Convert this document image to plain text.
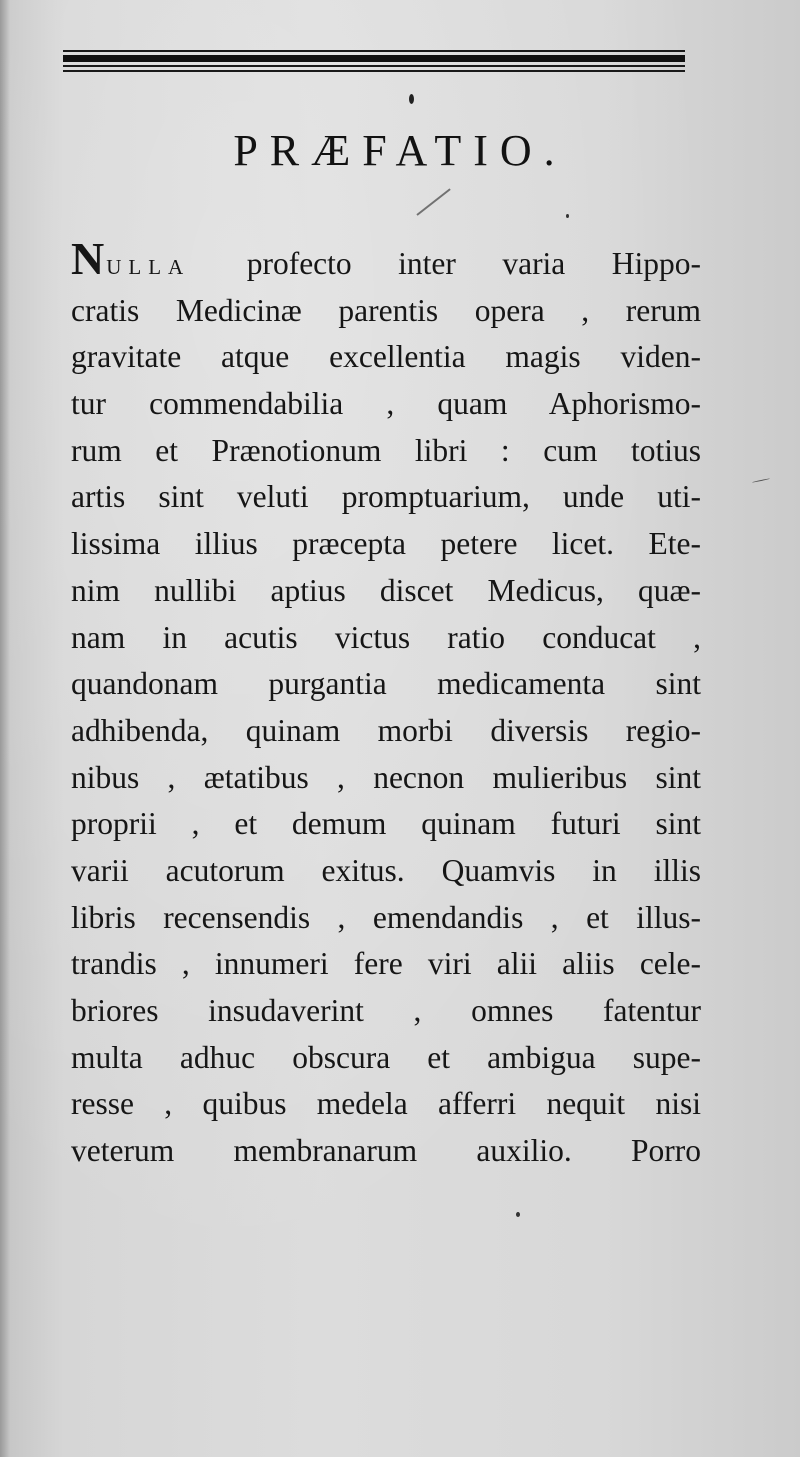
PRÆFATIO.
NULLA profecto inter varia Hippo-
cratis Medicinæ parentis opera , rerum
gravitate atque excellentia magis viden-
tur commendabilia , quam Aphorismo-
rum et Prænotionum libri : cum totius
artis sint veluti promptuarium, unde uti-
lissima illius præcepta petere licet. Ete-
nim nullibi aptius discet Medicus, quæ-
nam in acutis victus ratio conducat ,
quandonam purgantia medicamenta sint
adhibenda, quinam morbi diversis regio-
nibus , ætatibus , necnon mulieribus sint
proprii , et demum quinam futuri sint
varii acutorum exitus. Quamvis in illis
libris recensendis , emendandis , et illus-
trandis , innumeri fere viri alii aliis cele-
briores insudaverint , omnes fatentur
multa adhuc obscura et ambigua supe-
resse , quibus medela afferri nequit nisi
veterum membranarum auxilio. Porro
